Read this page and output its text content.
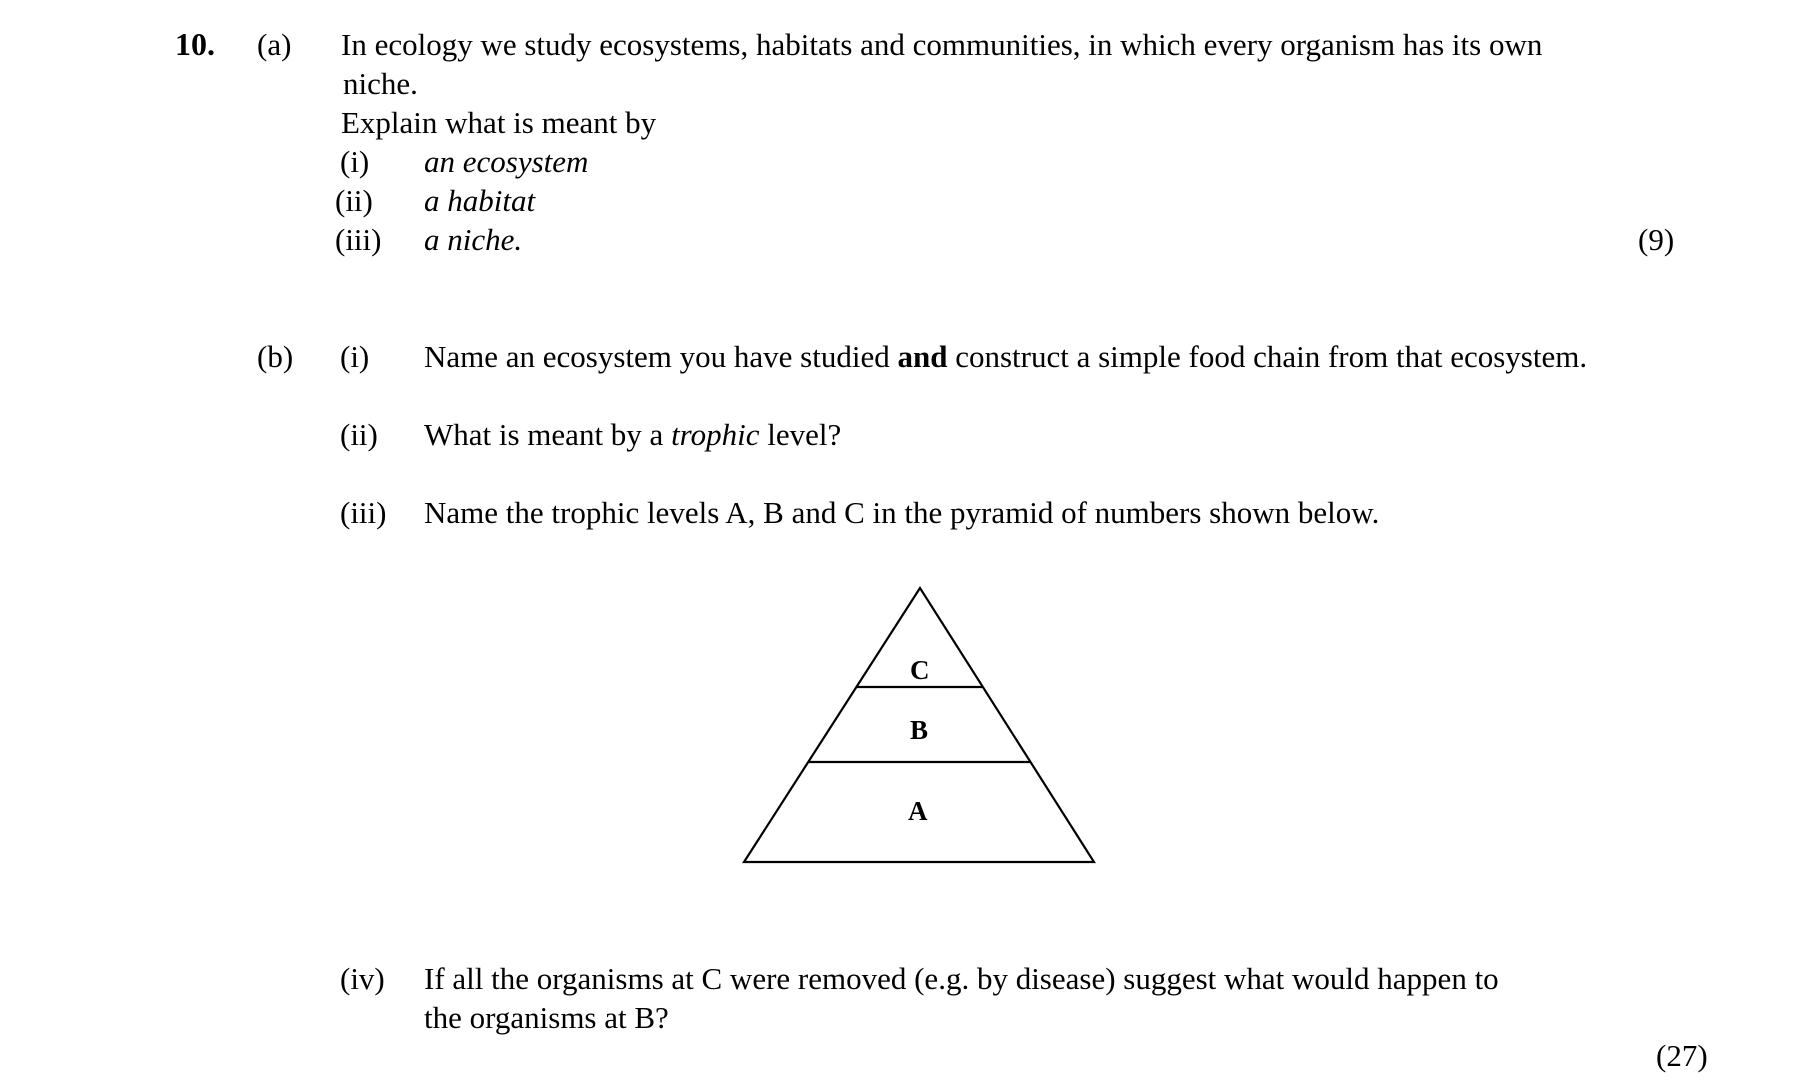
10. (a) In ecology we study ecosystems, habitats and communities, in which every organism has its own
niche.
Explain what is meant by
(i) an ecosystem
(ii) a habitat
(iii) a niche.	(9)
(b) (i) Name an ecosystem you have studied and construct a simple food chain from that ecosystem.
(ii) What is meant by a trophic level?
(iii) Name the trophic levels A, B and C in the pyramid of numbers shown below.
C
B
A
(iv) If all the organisms at C were removed (e.g. by disease) suggest what would happen to
the organisms at B?
(27)
